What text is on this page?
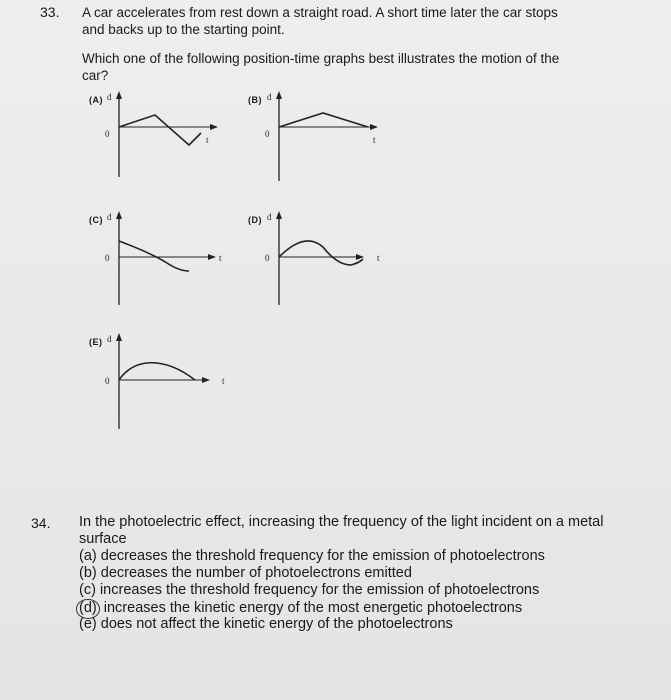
33. A car accelerates from rest down a straight road. A short time later the car stops
and backs up to the starting point.
Which one of the following position-time graphs best illustrates the motion of the
car?
(A) d
0
t
(B) d
0
t
(C) d
0	t
(D) d
0	t
(E) d
0	t
34. In the photoelectric effect, increasing the frequency of the light incident on a metal
surface
(a) decreases the threshold frequency for the emission of photoelectrons
(b) decreases the number of photoelectrons emitted
(c) increases the threshold frequency for the emission of photoelectrons
(d) increases the kinetic energy of the most energetic photoelectrons
(e) does not affect the kinetic energy of the photoelectrons
